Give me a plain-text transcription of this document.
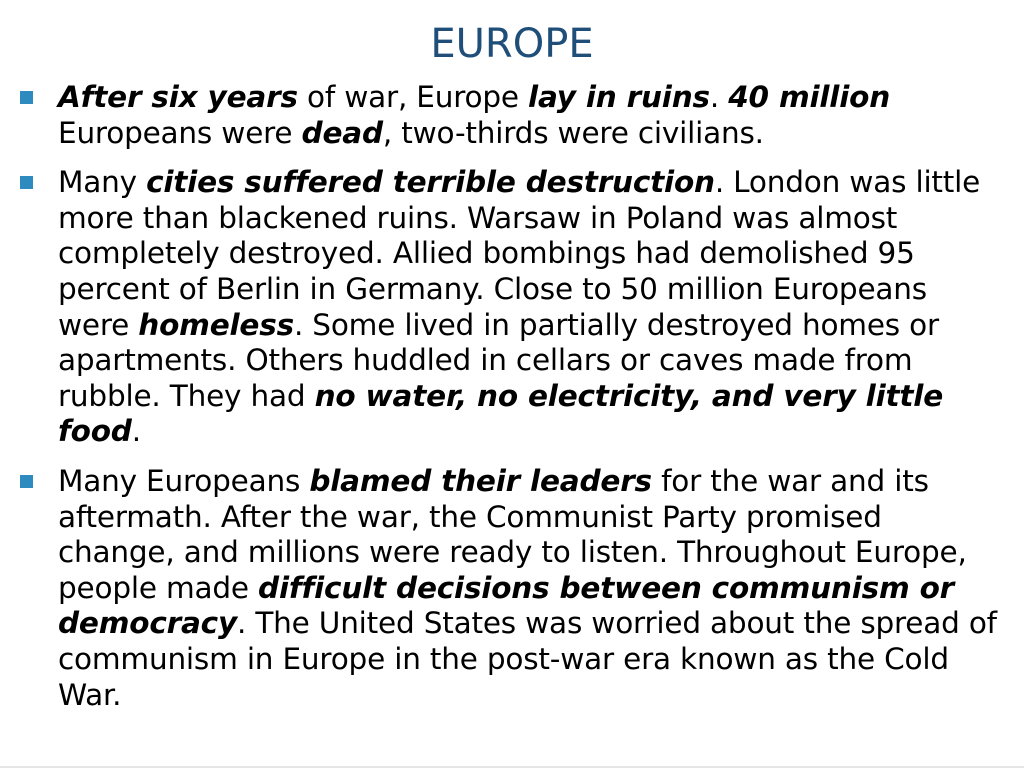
EUROPE
After six years of war, Europe lay in ruins. 40 million Europeans were dead, two-thirds were civilians.
Many cities suffered terrible destruction. London was little more than blackened ruins. Warsaw in Poland was almost completely destroyed. Allied bombings had demolished 95 percent of Berlin in Germany. Close to 50 million Europeans were homeless. Some lived in partially destroyed homes or apartments. Others huddled in cellars or caves made from rubble. They had no water, no electricity, and very little food.
Many Europeans blamed their leaders for the war and its aftermath. After the war, the Communist Party promised change, and millions were ready to listen. Throughout Europe, people made difficult decisions between communism or democracy. The United States was worried about the spread of communism in Europe in the post-war era known as the Cold War.
